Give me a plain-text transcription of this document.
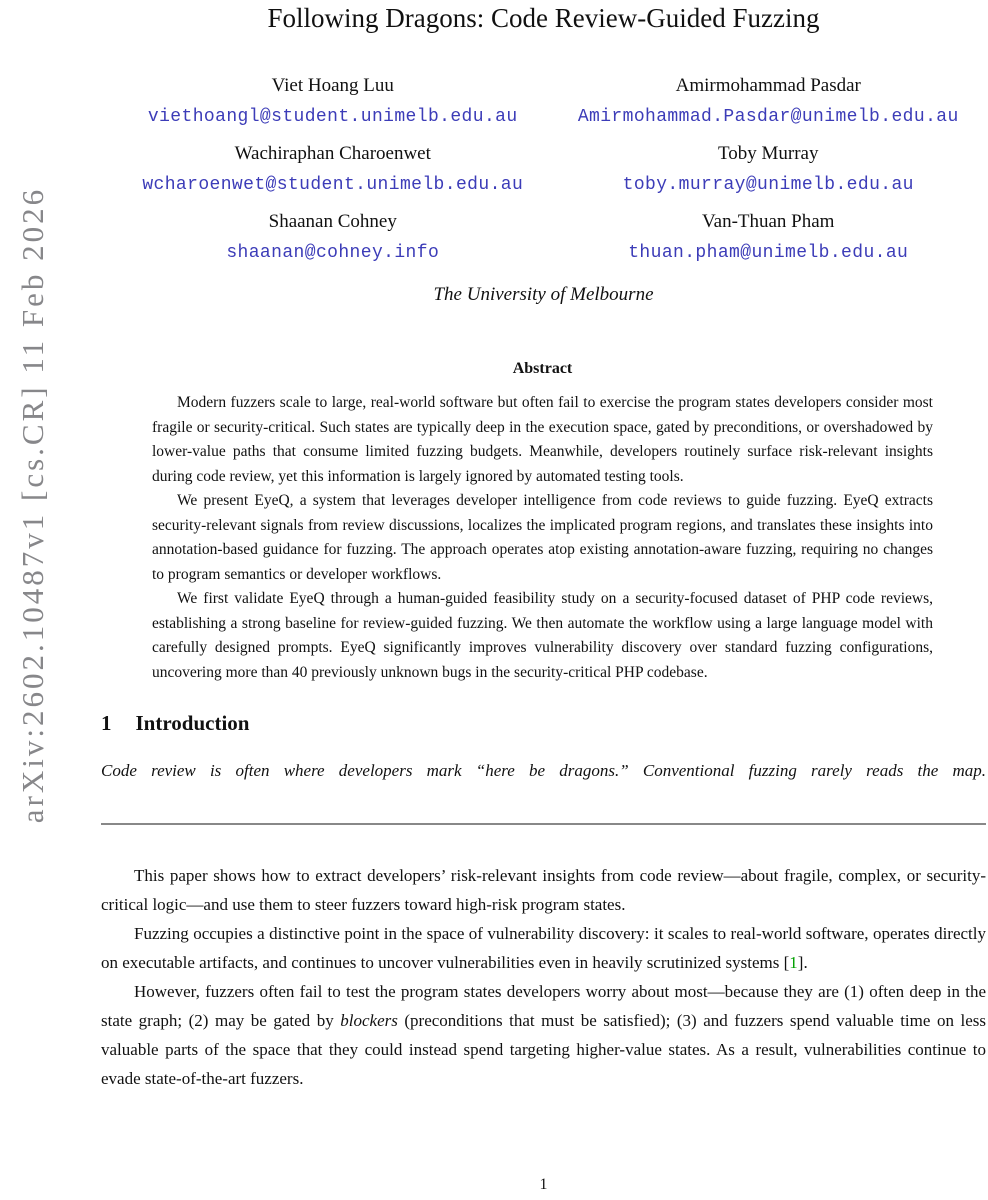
arXiv:2602.10487v1 [cs.CR] 11 Feb 2026
Following Dragons: Code Review-Guided Fuzzing
Viet Hoang Luu
viethoangl@student.unimelb.edu.au
Amirmohammad Pasdar
Amirmohammad.Pasdar@unimelb.edu.au
Wachiraphan Charoenwet
wcharoenwet@student.unimelb.edu.au
Toby Murray
toby.murray@unimelb.edu.au
Shaanan Cohney
shaanan@cohney.info
Van-Thuan Pham
thuan.pham@unimelb.edu.au
The University of Melbourne
Abstract

Modern fuzzers scale to large, real-world software but often fail to exercise the program states developers consider most fragile or security-critical. Such states are typically deep in the execution space, gated by preconditions, or overshadowed by lower-value paths that consume limited fuzzing budgets. Meanwhile, developers routinely surface risk-relevant insights during code review, yet this information is largely ignored by automated testing tools.

We present EyeQ, a system that leverages developer intelligence from code reviews to guide fuzzing. EyeQ extracts security-relevant signals from review discussions, localizes the implicated program regions, and translates these insights into annotation-based guidance for fuzzing. The approach operates atop existing annotation-aware fuzzing, requiring no changes to program semantics or developer workflows.

We first validate EyeQ through a human-guided feasibility study on a security-focused dataset of PHP code reviews, establishing a strong baseline for review-guided fuzzing. We then automate the workflow using a large language model with carefully designed prompts. EyeQ significantly improves vulnerability discovery over standard fuzzing configurations, uncovering more than 40 previously unknown bugs in the security-critical PHP codebase.

1 Introduction

Code review is often where developers mark “here be dragons.” Conventional fuzzing rarely reads the map.

This paper shows how to extract developers’ risk-relevant insights from code review—about fragile, complex, or security-critical logic—and use them to steer fuzzers toward high-risk program states.

Fuzzing occupies a distinctive point in the space of vulnerability discovery: it scales to real-world software, operates directly on executable artifacts, and continues to uncover vulnerabilities even in heavily scrutinized systems [1].

However, fuzzers often fail to test the program states developers worry about most—because they are (1) often deep in the state graph; (2) may be gated by blockers (preconditions that must be satisfied); (3) and fuzzers spend valuable time on less valuable parts of the space that they could instead spend targeting higher-value states. As a result, vulnerabilities continue to evade state-of-the-art fuzzers.

1
